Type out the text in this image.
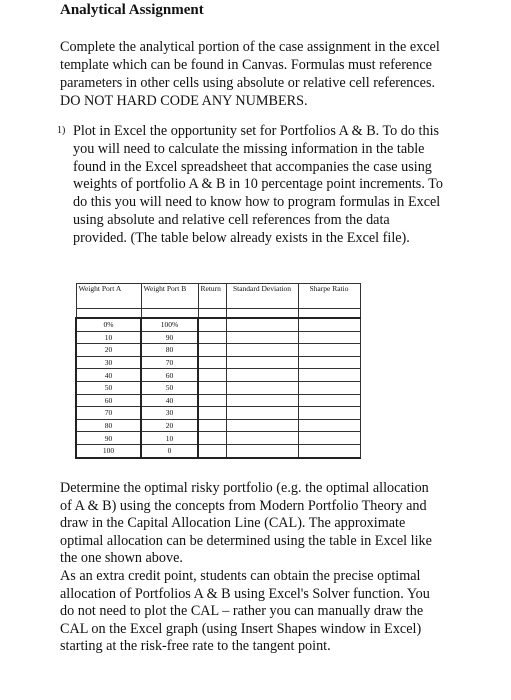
Analytical Assignment
Complete the analytical portion of the case assignment in the excel template which can be found in Canvas. Formulas must reference parameters in other cells using absolute or relative cell references. DO NOT HARD CODE ANY NUMBERS.
1) Plot in Excel the opportunity set for Portfolios A & B. To do this you will need to calculate the missing information in the table found in the Excel spreadsheet that accompanies the case using weights of portfolio A & B in 10 percentage point increments. To do this you will need to know how to program formulas in Excel using absolute and relative cell references from the data provided. (The table below already exists in the Excel file).
Weight Port A	Weight Port B	Return	Standard Deviation	Sharpe Ratio

0%	100%			
10	90			
20	80			
30	70			
40	60			
50	50			
60	40			
70	30			
80	20			
90	10			
100	0			
Determine the optimal risky portfolio (e.g. the optimal allocation of A & B) using the concepts from Modern Portfolio Theory and draw in the Capital Allocation Line (CAL). The approximate optimal allocation can be determined using the table in Excel like the one shown above.
As an extra credit point, students can obtain the precise optimal allocation of Portfolios A & B using Excel's Solver function. You do not need to plot the CAL – rather you can manually draw the CAL on the Excel graph (using Insert Shapes window in Excel) starting at the risk-free rate to the tangent point.
